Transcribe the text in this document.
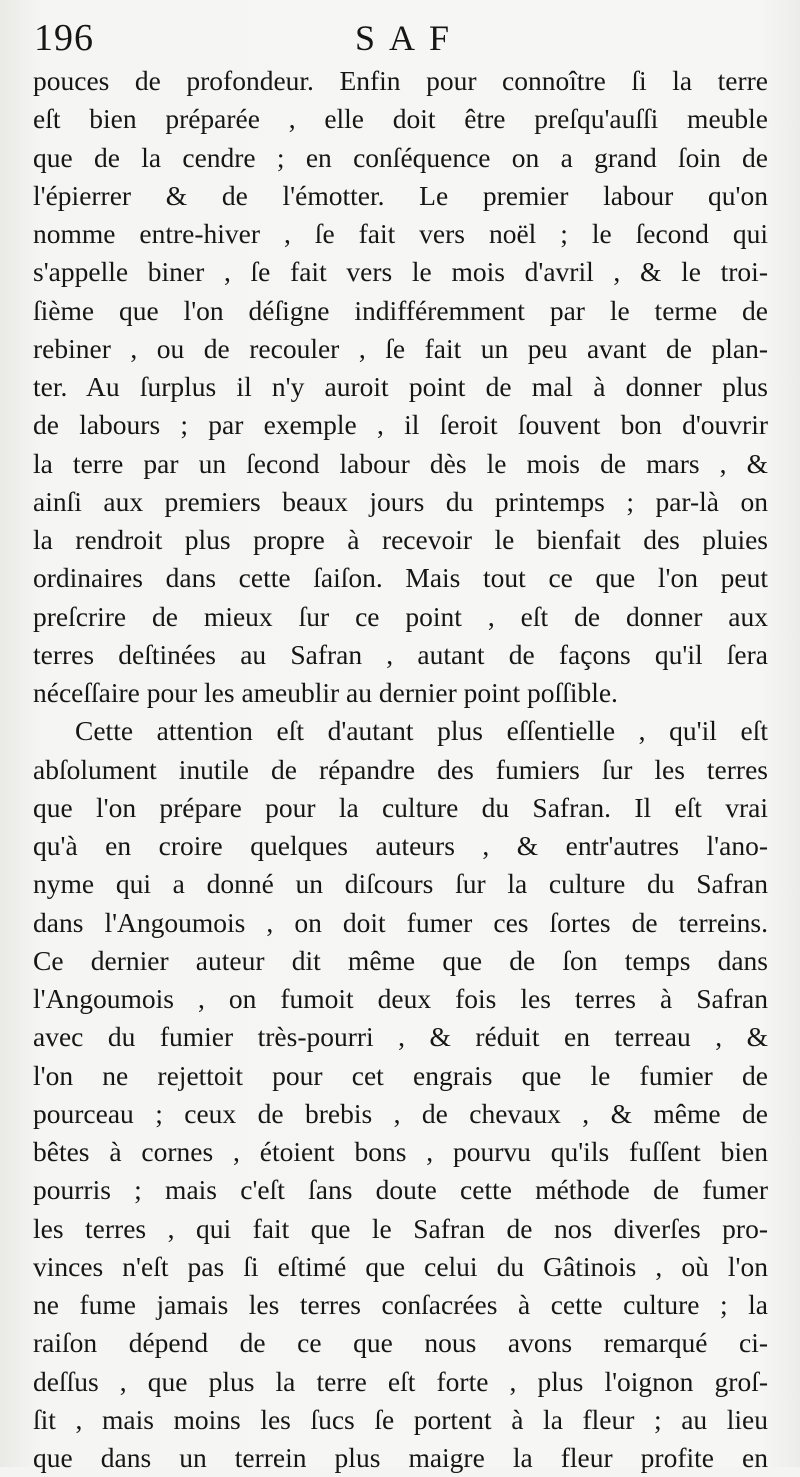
196	SAF
pouces de profondeur. Enfin pour connoître ſi la terre
eſt bien préparée , elle doit être preſqu'auſſi meuble
que de la cendre ; en conſéquence on a grand ſoin de
l'épierrer & de l'émotter. Le premier labour qu'on
nomme entre-hiver , ſe fait vers noël ; le ſecond qui
s'appelle biner , ſe fait vers le mois d'avril , & le troi-
ſième que l'on déſigne indifféremment par le terme de
rebiner , ou de recouler , ſe fait un peu avant de plan-
ter. Au ſurplus il n'y auroit point de mal à donner plus
de labours ; par exemple , il ſeroit ſouvent bon d'ouvrir
la terre par un ſecond labour dès le mois de mars , &
ainſi aux premiers beaux jours du printemps ; par-là on
la rendroit plus propre à recevoir le bienfait des pluies
ordinaires dans cette ſaiſon. Mais tout ce que l'on peut
preſcrire de mieux ſur ce point , eſt de donner aux
terres deſtinées au Safran , autant de façons qu'il ſera
néceſſaire pour les ameublir au dernier point poſſible.
Cette attention eſt d'autant plus eſſentielle , qu'il eſt
abſolument inutile de répandre des fumiers ſur les terres
que l'on prépare pour la culture du Safran. Il eſt vrai
qu'à en croire quelques auteurs , & entr'autres l'ano-
nyme qui a donné un diſcours ſur la culture du Safran
dans l'Angoumois , on doit fumer ces ſortes de terreins.
Ce dernier auteur dit même que de ſon temps dans
l'Angoumois , on fumoit deux fois les terres à Safran
avec du fumier très-pourri , & réduit en terreau , &
l'on ne rejettoit pour cet engrais que le fumier de
pourceau ; ceux de brebis , de chevaux , & même de
bêtes à cornes , étoient bons , pourvu qu'ils fuſſent bien
pourris ; mais c'eſt ſans doute cette méthode de fumer
les terres , qui fait que le Safran de nos diverſes pro-
vinces n'eſt pas ſi eſtimé que celui du Gâtinois , où l'on
ne fume jamais les terres conſacrées à cette culture ; la
raiſon dépend de ce que nous avons remarqué ci-
deſſus , que plus la terre eſt forte , plus l'oignon groſ-
ſit , mais moins les ſucs ſe portent à la fleur ; au lieu
que dans un terrein plus maigre la fleur profite en
